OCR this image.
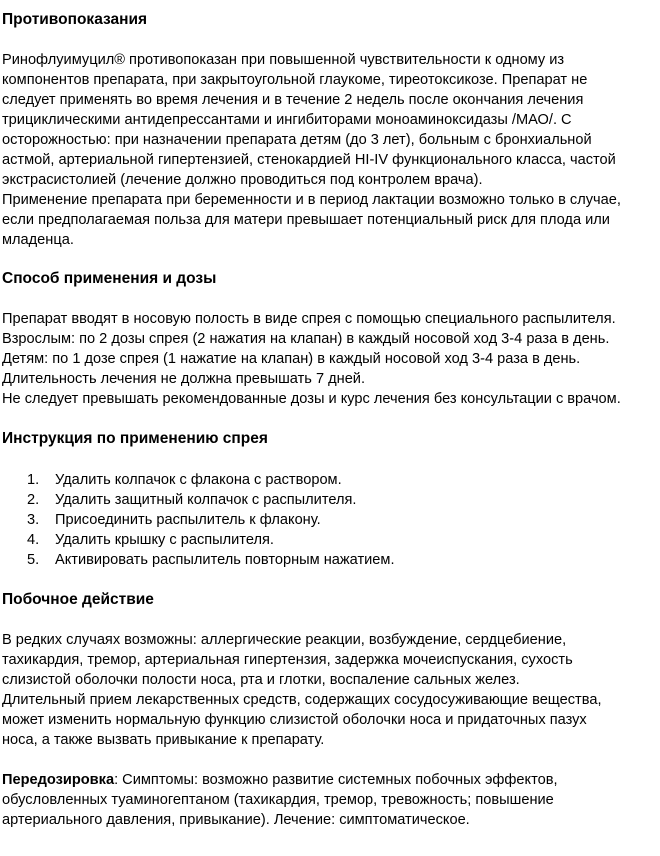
Противопоказания

Ринофлуимуцил® противопоказан при повышенной чувствительности к одному из

компонентов препарата, при закрытоугольной глаукоме, тиреотоксикозе. Препарат не

следует применять во время лечения и в течение 2 недель после окончания лечения

трициклическими антидепрессантами и ингибиторами моноаминоксидазы /МАО/. С

осторожностью: при назначении препарата детям (до 3 лет), больным с бронхиальной

астмой, артериальной гипертензией, стенокардией HI-IV функционального класса, частой

экстрасистолией (лечение должно проводиться под контролем врача).

Применение препарата при беременности и в период лактации возможно только в случае,

если предполагаемая польза для матери превышает потенциальный риск для плода или

младенца.

Способ применения и дозы

Препарат вводят в носовую полость в виде спрея с помощью специального распылителя.

Взрослым: по 2 дозы спрея (2 нажатия на клапан) в каждый носовой ход 3-4 раза в день.

Детям: по 1 дозе спрея (1 нажатие на клапан) в каждый носовой ход 3-4 раза в день.

Длительность лечения не должна превышать 7 дней.

Не следует превышать рекомендованные дозы и курс лечения без консультации с врачом.

Инструкция по применению спрея
1. Удалить колпачок с флакона с раствором.
2. Удалить защитный колпачок с распылителя.
3. Присоединить распылитель к флакону.
4. Удалить крышку с распылителя.
5. Активировать распылитель повторным нажатием.
Побочное действие

В редких случаях возможны: аллергические реакции, возбуждение, сердцебиение,

тахикардия, тремор, артериальная гипертензия, задержка мочеиспускания, сухость

слизистой оболочки полости носа, рта и глотки, воспаление сальных желез.

Длительный прием лекарственных средств, содержащих сосудосуживающие вещества,

может изменить нормальную функцию слизистой оболочки носа и придаточных пазух

носа, а также вызвать привыкание к препарату.

Передозировка: Симптомы: возможно развитие системных побочных эффектов,

обусловленных туаминогептаном (тахикардия, тремор, тревожность; повышение

артериального давления, привыкание). Лечение: симптоматическое.
